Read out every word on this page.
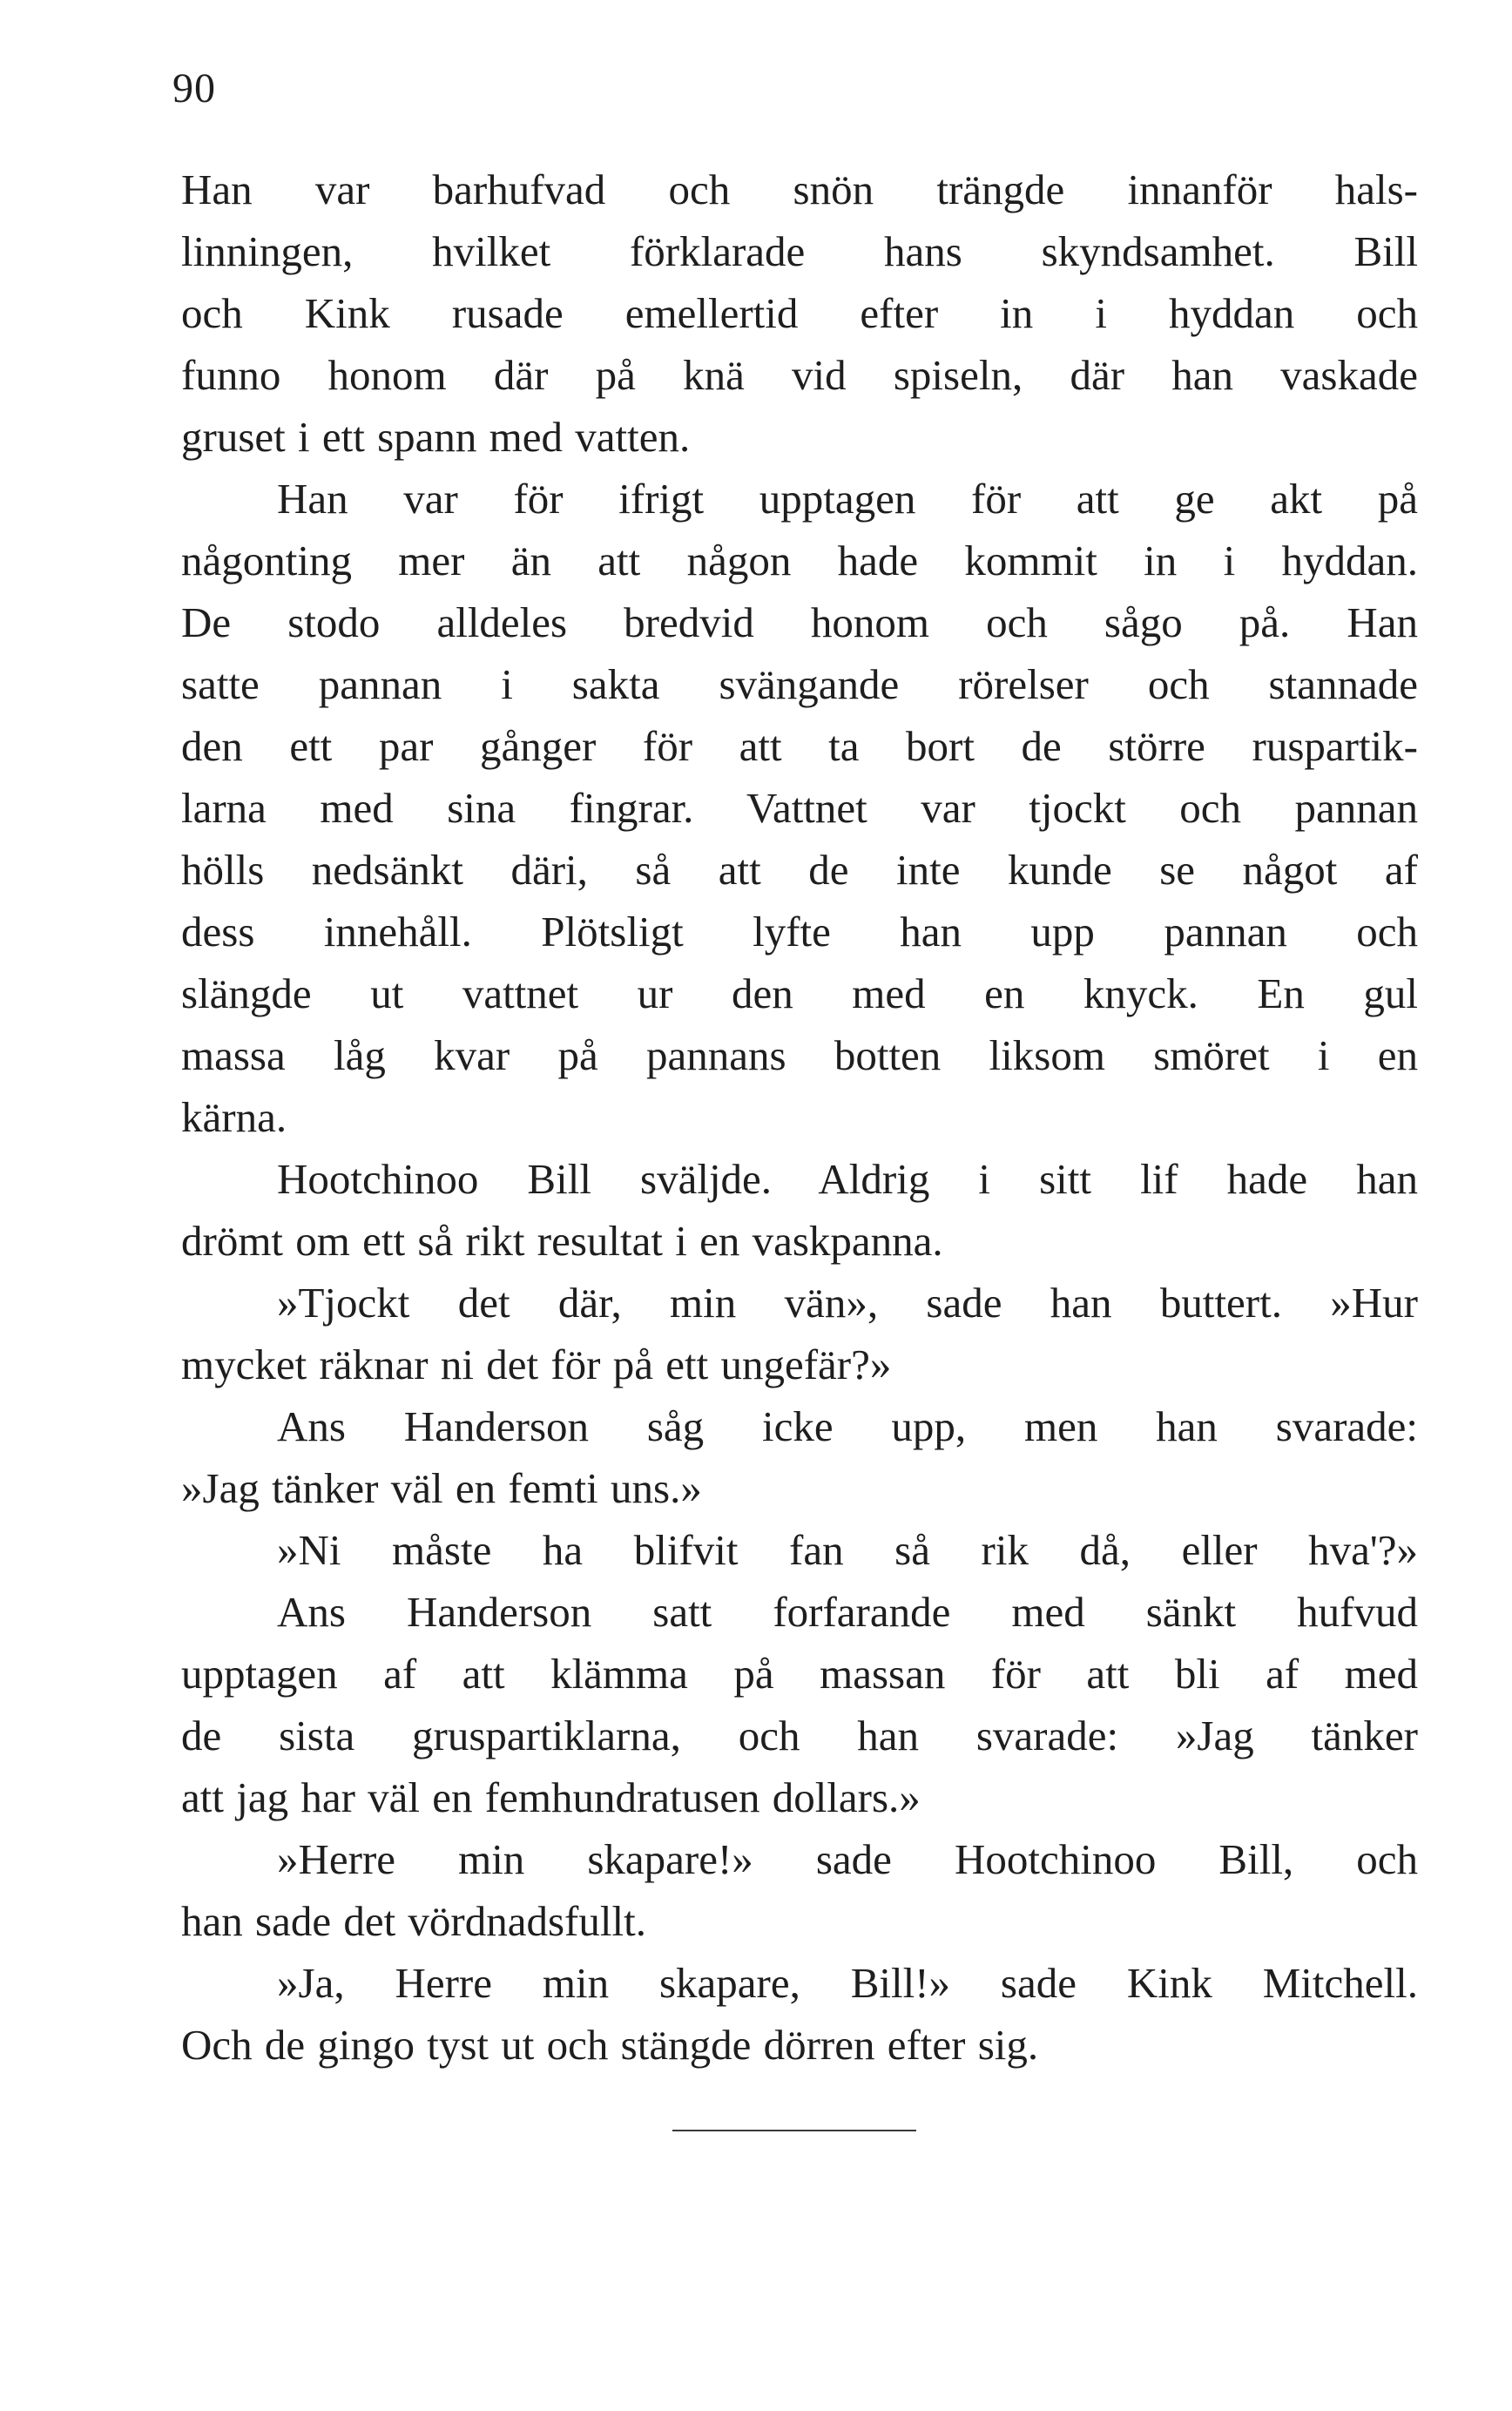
90
Han var barhufvad och snön trängde innanför hals-
linningen, hvilket förklarade hans skyndsamhet. Bill
och Kink rusade emellertid efter in i hyddan och
funno honom där på knä vid spiseln, där han vaskade
gruset i ett spann med vatten.
Han var för ifrigt upptagen för att ge akt på
någonting mer än att någon hade kommit in i hyddan.
De stodo alldeles bredvid honom och sågo på. Han
satte pannan i sakta svängande rörelser och stannade
den ett par gånger för att ta bort de större ruspartik-
larna med sina fingrar. Vattnet var tjockt och pannan
hölls nedsänkt däri, så att de inte kunde se något af
dess innehåll. Plötsligt lyfte han upp pannan och
slängde ut vattnet ur den med en knyck. En gul
massa låg kvar på pannans botten liksom smöret i en
kärna.
Hootchinoo Bill sväljde. Aldrig i sitt lif hade han
drömt om ett så rikt resultat i en vaskpanna.
»Tjockt det där, min vän», sade han buttert. »Hur
mycket räknar ni det för på ett ungefär?»
Ans Handerson såg icke upp, men han svarade:
»Jag tänker väl en femti uns.»
»Ni måste ha blifvit fan så rik då, eller hva'?»
Ans Handerson satt forfarande med sänkt hufvud
upptagen af att klämma på massan för att bli af med
de sista gruspartiklarna, och han svarade: »Jag tänker
att jag har väl en femhundratusen dollars.»
»Herre min skapare!» sade Hootchinoo Bill, och
han sade det vördnadsfullt.
»Ja, Herre min skapare, Bill!» sade Kink Mitchell.
Och de gingo tyst ut och stängde dörren efter sig.
